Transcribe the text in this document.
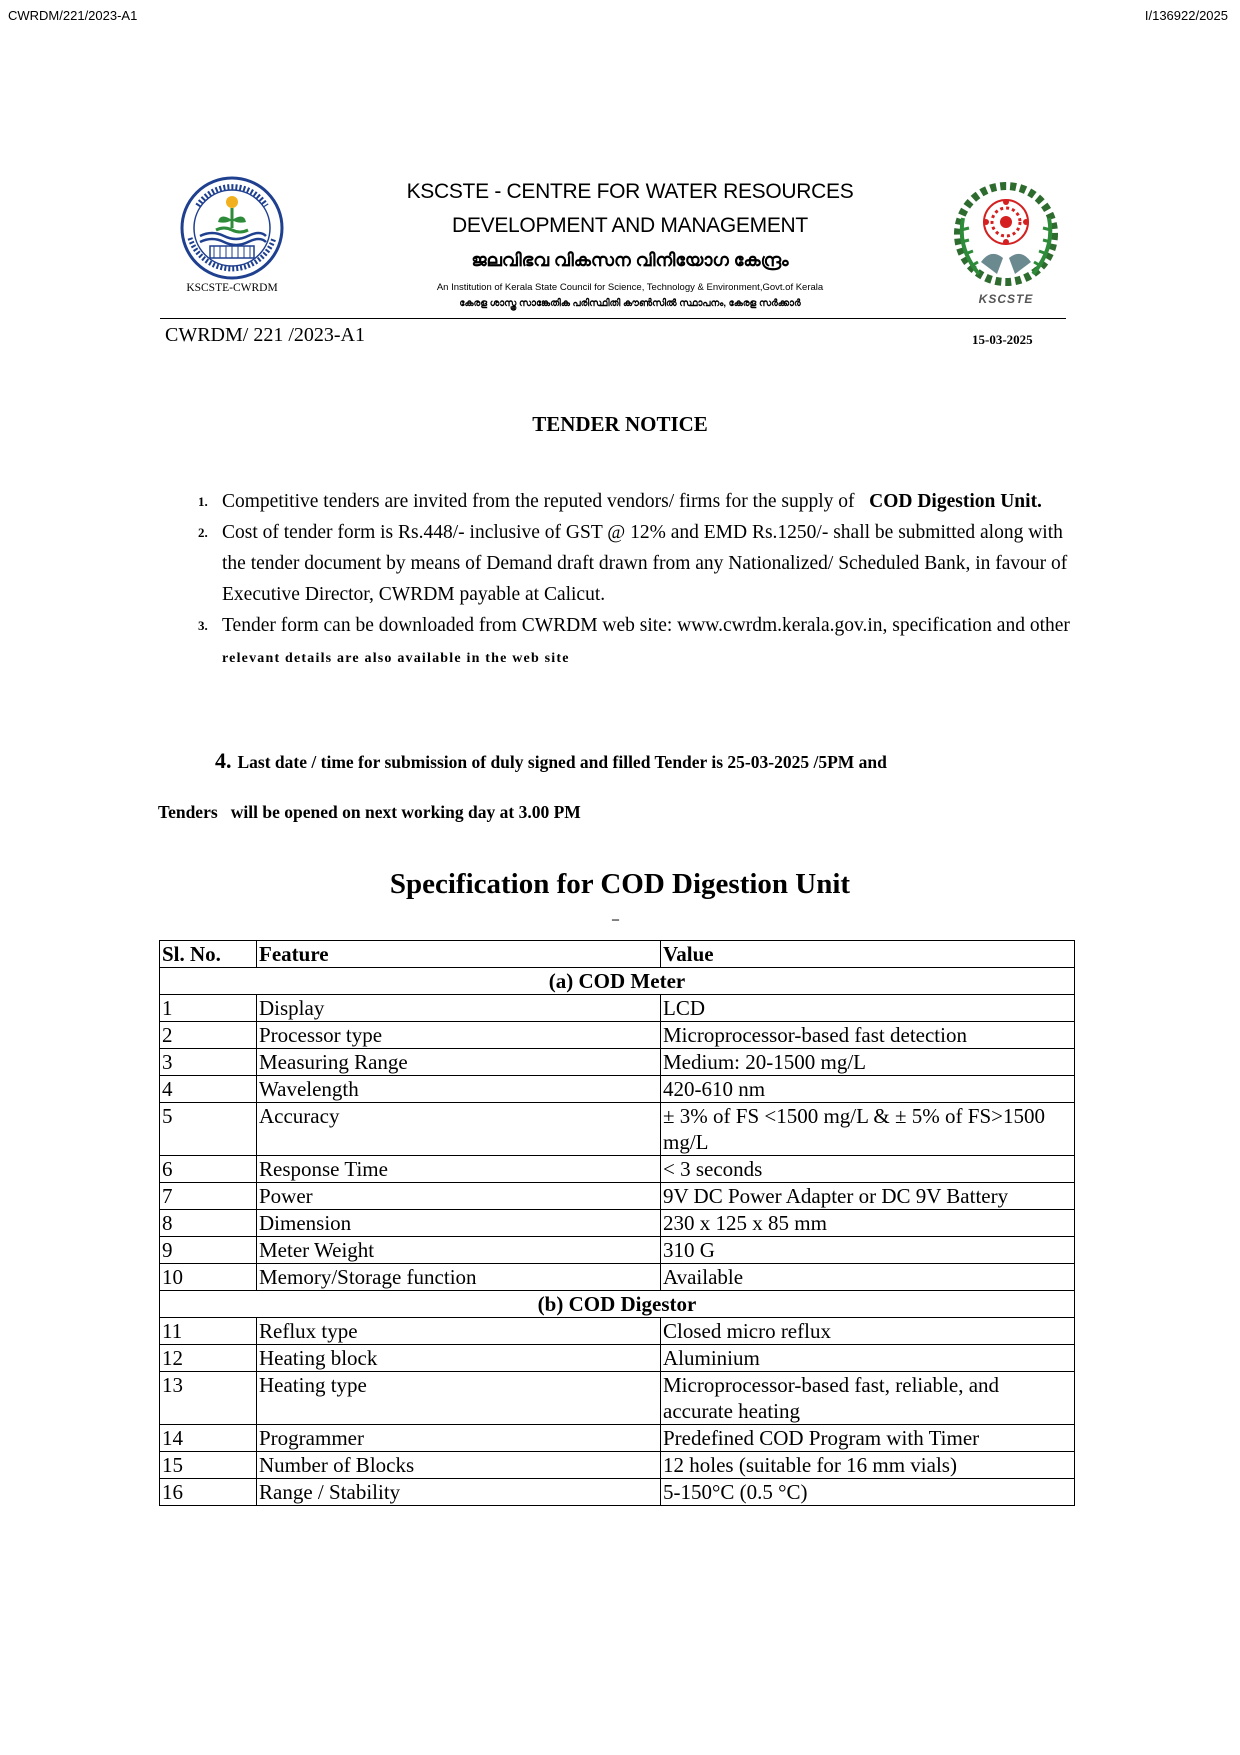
CWRDM/221/2023-A1	I/136922/2025
KSCSTE-CWRDM
KSCSTE
KSCSTE - CENTRE FOR WATER RESOURCES
DEVELOPMENT AND MANAGEMENT
ജലവിഭവ വികസന വിനിയോഗ കേന്ദ്രം
An Institution of Kerala State Council for Science, Technology & Environment,Govt.of Kerala
കേരള ശാസ്ത്ര സാങ്കേതിക പരിസ്ഥിതി കൗൺസിൽ സ്ഥാപനം, കേരള സർക്കാർ
CWRDM/ 221 /2023-A1	15-03-2025
TENDER NOTICE
1. Competitive tenders are invited from the reputed vendors/ firms for the supply of COD Digestion Unit.
2. Cost of tender form is Rs.448/- inclusive of GST @ 12% and EMD Rs.1250/- shall be submitted along with the tender document by means of Demand draft drawn from any Nationalized/ Scheduled Bank, in favour of Executive Director, CWRDM payable at Calicut.
3. Tender form can be downloaded from CWRDM web site: www.cwrdm.kerala.gov.in, specification and other relevant details are also available in the web site
4. Last date / time for submission of duly signed and filled Tender is 25-03-2025 /5PM and
Tenders   will be opened on next working day at 3.00 PM
Specification for COD Digestion Unit
–
Sl. No.	Feature	Value
(a) COD Meter		
1	Display	LCD
2	Processor type	Microprocessor-based fast detection
3	Measuring Range	Medium: 20-1500 mg/L
4	Wavelength	420-610 nm
5	Accuracy	± 3% of FS <1500 mg/L & ± 5% of FS>1500 mg/L
6	Response Time	< 3 seconds
7	Power	9V DC Power Adapter or DC 9V Battery
8	Dimension	230 x 125 x 85 mm
9	Meter Weight	310 G
10	Memory/Storage function	Available
(b) COD Digestor		
11	Reflux type	Closed micro reflux
12	Heating block	Aluminium
13	Heating type	Microprocessor-based fast, reliable, and accurate heating
14	Programmer	Predefined COD Program with Timer
15	Number of Blocks	12 holes (suitable for 16 mm vials)
16	Range / Stability	5-150°C (0.5 °C)
